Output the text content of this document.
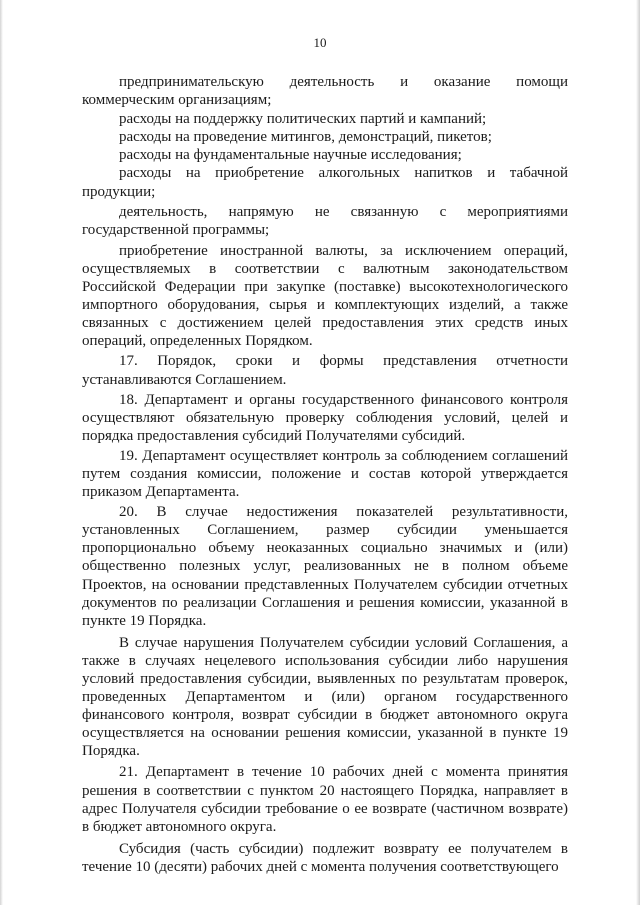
10

предпринимательскую деятельность и оказание помощи коммерческим организациям;

расходы на поддержку политических партий и кампаний;

расходы на проведение митингов, демонстраций, пикетов;

расходы на фундаментальные научные исследования;

расходы на приобретение алкогольных напитков и табачной продукции;

деятельность, напрямую не связанную с мероприятиями государственной программы;

приобретение иностранной валюты, за исключением операций, осуществляемых в соответствии с валютным законодательством Российской Федерации при закупке (поставке) высокотехнологического импортного оборудования, сырья и комплектующих изделий, а также связанных с достижением целей предоставления этих средств иных операций, определенных Порядком.

17. Порядок, сроки и формы представления отчетности устанавливаются Соглашением.

18. Департамент и органы государственного финансового контроля осуществляют обязательную проверку соблюдения условий, целей и порядка предоставления субсидий Получателями субсидий.

19. Департамент осуществляет контроль за соблюдением соглашений путем создания комиссии, положение и состав которой утверждается приказом Департамента.

20. В случае недостижения показателей результативности, установленных Соглашением, размер субсидии уменьшается пропорционально объему неоказанных социально значимых и (или) общественно полезных услуг, реализованных не в полном объеме Проектов, на основании представленных Получателем субсидии отчетных документов по реализации Соглашения и решения комиссии, указанной в пункте 19 Порядка.

В случае нарушения Получателем субсидии условий Соглашения, а также в случаях нецелевого использования субсидии либо нарушения условий предоставления субсидии, выявленных по результатам проверок, проведенных Департаментом и (или) органом государственного финансового контроля, возврат субсидии в бюджет автономного округа осуществляется на основании решения комиссии, указанной в пункте 19 Порядка.

21. Департамент в течение 10 рабочих дней с момента принятия решения в соответствии с пунктом 20 настоящего Порядка, направляет в адрес Получателя субсидии требование о ее возврате (частичном возврате) в бюджет автономного округа.

Субсидия (часть субсидии) подлежит возврату ее получателем в течение 10 (десяти) рабочих дней с момента получения соответствующего
